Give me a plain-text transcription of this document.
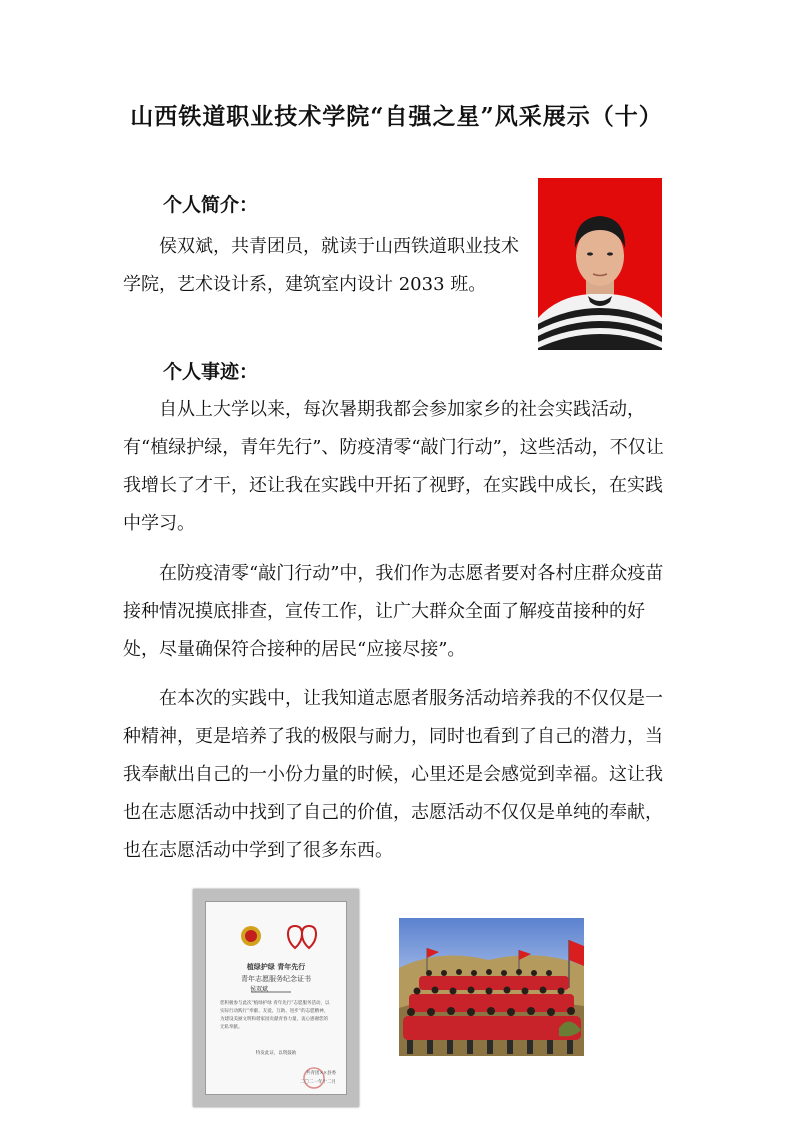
山西铁道职业技术学院“自强之星”风采展示（十）
个人简介：
侯双斌，共青团员，就读于山西铁道职业技术
学院，艺术设计系，建筑室内设计 2033 班。
个人事迹：
自从上大学以来，每次暑期我都会参加家乡的社会实践活动，有“植绿护绿，青年先行”、防疫清零“敲门行动”，这些活动，不仅让我增长了才干，还让我在实践中开拓了视野，在实践中成长，在实践中学习。
在防疫清零“敲门行动”中，我们作为志愿者要对各村庄群众疫苗接种情况摸底排查，宣传工作，让广大群众全面了解疫苗接种的好处，尽量确保符合接种的居民“应接尽接”。
在本次的实践中，让我知道志愿者服务活动培养我的不仅仅是一种精神，更是培养了我的极限与耐力，同时也看到了自己的潜力，当我奉献出自己的一小份力量的时候，心里还是会感觉到幸福。这让我也在志愿活动中找到了自己的价值，志愿活动不仅仅是单纯的奉献，也在志愿活动中学到了很多东西。
植绿护绿 青年先行
青年志愿服务纪念证书
侯双斌
您积极参与此次“植绿护绿 青年先行”志愿服务活动，以实际行动践行“奉献、友爱、互助、进步”的志愿精神，为建设美丽文明和谐家园贡献青春力量，衷心感谢您的无私奉献。
特发此证，以资鼓励
共青团××县委
二〇二一年十二月
